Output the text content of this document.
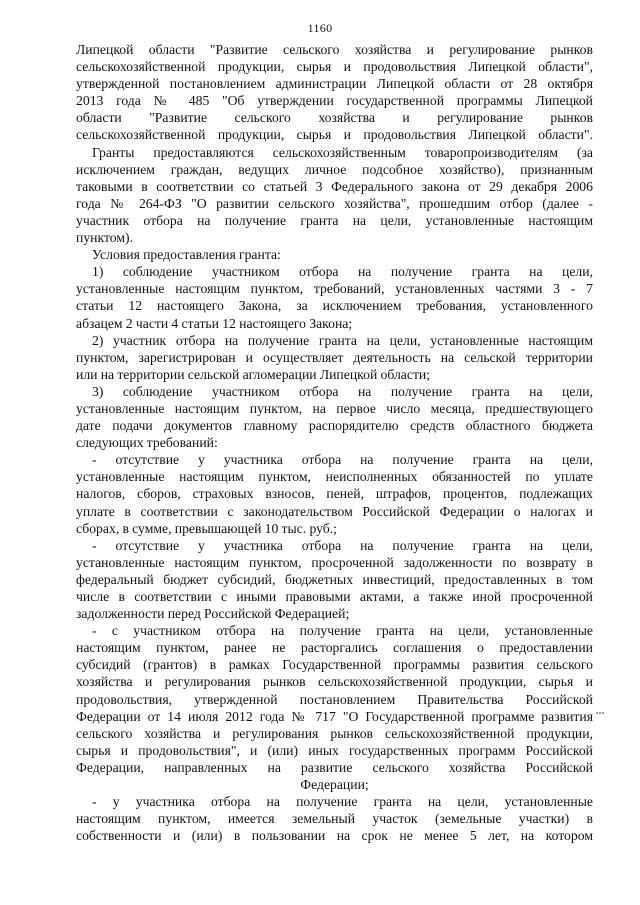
1160
Липецкой области "Развитие сельского хозяйства и регулирование рынков
сельскохозяйственной продукции, сырья и продовольствия Липецкой области",
утвержденной постановлением администрации Липецкой области от 28 октября
2013 года № 485 "Об утверждении государственной программы Липецкой
области "Развитие сельского хозяйства и регулирование рынков
сельскохозяйственной продукции, сырья и продовольствия Липецкой области".
Гранты предоставляются сельскохозяйственным товаропроизводителям (за
исключением граждан, ведущих личное подсобное хозяйство), признанным
таковыми в соответствии со статьей 3 Федерального закона от 29 декабря 2006
года № 264-ФЗ "О развитии сельского хозяйства", прошедшим отбор (далее -
участник отбора на получение гранта на цели, установленные настоящим
пунктом).
Условия предоставления гранта:
1) соблюдение участником отбора на получение гранта на цели,
установленные настоящим пунктом, требований, установленных частями 3 - 7
статьи 12 настоящего Закона, за исключением требования, установленного
абзацем 2 части 4 статьи 12 настоящего Закона;
2) участник отбора на получение гранта на цели, установленные настоящим
пунктом, зарегистрирован и осуществляет деятельность на сельской территории
или на территории сельской агломерации Липецкой области;
3) соблюдение участником отбора на получение гранта на цели,
установленные настоящим пунктом, на первое число месяца, предшествующего
дате подачи документов главному распорядителю средств областного бюджета
следующих требований:
- отсутствие у участника отбора на получение гранта на цели,
установленные настоящим пунктом, неисполненных обязанностей по уплате
налогов, сборов, страховых взносов, пеней, штрафов, процентов, подлежащих
уплате в соответствии с законодательством Российской Федерации о налогах и
сборах, в сумме, превышающей 10 тыс. руб.;
- отсутствие у участника отбора на получение гранта на цели,
установленные настоящим пунктом, просроченной задолженности по возврату в
федеральный бюджет субсидий, бюджетных инвестиций, предоставленных в том
числе в соответствии с иными правовыми актами, а также иной просроченной
задолженности перед Российской Федерацией;
- с участником отбора на получение гранта на цели, установленные
настоящим пунктом, ранее не расторгались соглашения о предоставлении
субсидий (грантов) в рамках Государственной программы развития сельского
хозяйства и регулирования рынков сельскохозяйственной продукции, сырья и
продовольствия, утвержденной постановлением Правительства Российской
Федерации от 14 июля 2012 года № 717 "О Государственной программе развития
сельского хозяйства и регулирования рынков сельскохозяйственной продукции,
сырья и продовольствия", и (или) иных государственных программ Российской
Федерации, направленных на развитие сельского хозяйства Российской
Федерации;
- у участника отбора на получение гранта на цели, установленные
настоящим пунктом, имеется земельный участок (земельные участки) в
собственности и (или) в пользовании на срок не менее 5 лет, на котором
